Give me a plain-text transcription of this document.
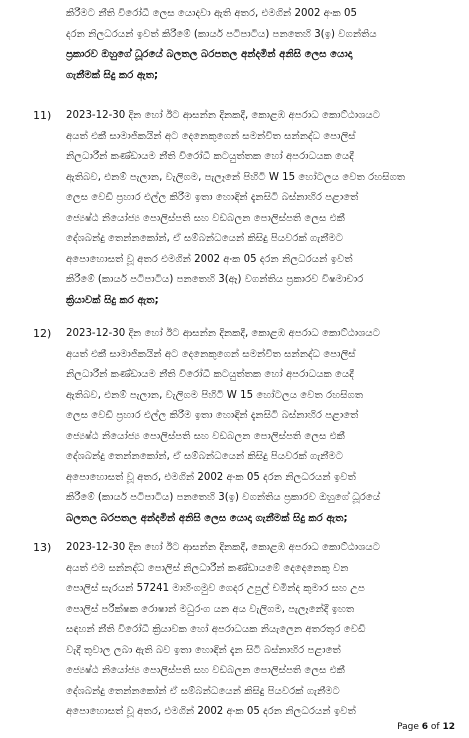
කිරීමට නීති විරෝධී ලෙස යොදවා ඇති අතර, එමගින් 2002 අංක 05
දරන නිලධරයන් ඉවත් කිරීමේ (කාර්ය පටිපාටිය) පනතෙහි 3(ඉ) වගන්තිය
ප්‍රකාරව ඔහුගේ ධූරයේ බලතල බරපතල අන්දමින් අනිසි ලෙස යොදා
ගැනීමක් සිදු කර ඇත;
11) 2023-12-30 දින හෝ ඊට ආසන්න දිනකදී, කොළඹ අපරාධ කොට්ඨාශයට
අයත් එකී සාමාජිකයින් අට දෙනෙකුගෙන් සමන්විත සන්නද්ධ පොලිස්
නිලධාරීන් කණ්ඩායම නීති විරෝධී කටයුත්තක හෝ අපරාධයක යෙදී
ඇතිබව, එනම් පැලාන, වැලිගම, පැලෑනේ පිහිටි W 15 හෝටලය වෙත රහසිගත
ලෙස වෙඩි ප්‍රහාර එල්ල කිරීම ඉතා හොඳින් දැනසිටි බස්නාහිර පළාතේ
ජ්‍යෙෂ්ඨ නියෝජ්‍ය පොලිස්පති සහ වඩබලන පොලිස්පති ලෙස එකී
දේශබන්දු තෙන්නකෝන්, ඒ සම්බන්ධයෙන් කිසිදු පියවරක් ගැනීමට
අපොහොසත් වූ අතර එමගින් 2002 අංක 05 දරන නිලධරයන් ඉවත්
කිරීමේ (කාර්ය පටිපාටිය) පනතෙහි 3(ඈ) වගන්තිය ප්‍රකාරව විෂමාචාර
ක්‍රියාවක් සිදු කර ඇත;
12) 2023-12-30 දින හෝ ඊට ආසන්න දිනකදී, කොළඹ අපරාධ කොට්ඨාශයට
අයත් එකී සාමාජිකයින් අට දෙනෙකුගෙන් සමන්විත සන්නද්ධ පොලිස්
නිලධාරීන් කණ්ඩායම නීති විරෝධී කටයුත්තක හෝ අපරාධයක යෙදී
ඇතිබව, එනම් පැලාන, වැලිගම පිහිටි W 15 හෝටලය වෙත රහසිගත
ලෙස වෙඩි ප්‍රහාර එල්ල කිරීම ඉතා හොඳින් දැනසිටි බස්නාහිර පළාතේ
ජ්‍යෙෂ්ඨ නියෝජ්‍ය පොලිස්පති සහ වඩබලන පොලිස්පති ලෙස එකී
දේශබන්දු තෙන්නකෝන්, ඒ සම්බන්ධයෙන් කිසිදු පියවරක් ගැනීමට
අපොහොසත් වූ අතර, එමගින් 2002 අංක 05 දරන නිලධරයන් ඉවත්
කිරීමේ (කාර්ය පටිපාටිය) පනතෙහි 3(ඉ) වගන්තිය ප්‍රකාරව ඔහුගේ ධූරයේ
බලතල බරපතල අන්දමින් අනිසි ලෙස යොදා ගැනීමක් සිදු කර ඇත;
13) 2023-12-30 දින හෝ ඊට ආසන්න දිනකදී, කොළඹ අපරාධ කොට්ඨාශයට
අයත් එම සන්නද්ධ පොලිස් නිලධාරීන් කණ්ඩායමේ දෙදෙනෙකු වන
පොලිස් සැරයන් 57241 මාහිංගමුව ගෙදර උපුල් චමින්ද කුමාර සහ උප
පොලිස් පරීක්ෂක රොෂාන් මධුරංග යන අය වැලිගම, පැලෑනේදී ඉහත
සඳහන් නීති විරෝධී ක්‍රියාවක හෝ අපරාධයක නියැලෙන අතරතුර වෙඩි
වැදී තුවාල ලබා ඇති බව ඉතා හොඳින් දැන සිටි බස්නාහිර පළාතේ
ජ්‍යෙෂ්ඨ නියෝජ්‍ය පොලිස්පති සහ වඩබලන පොලිස්පති ලෙස එකී
දේශබන්දු තෙන්නකෝන් ඒ සම්බන්ධයෙන් කිසිදු පියවරක් ගැනීමට
අපොහොසත් වූ අතර, එමගින් 2002 අංක 05 දරන නිලධරයන් ඉවත්
Page 6 of 12
